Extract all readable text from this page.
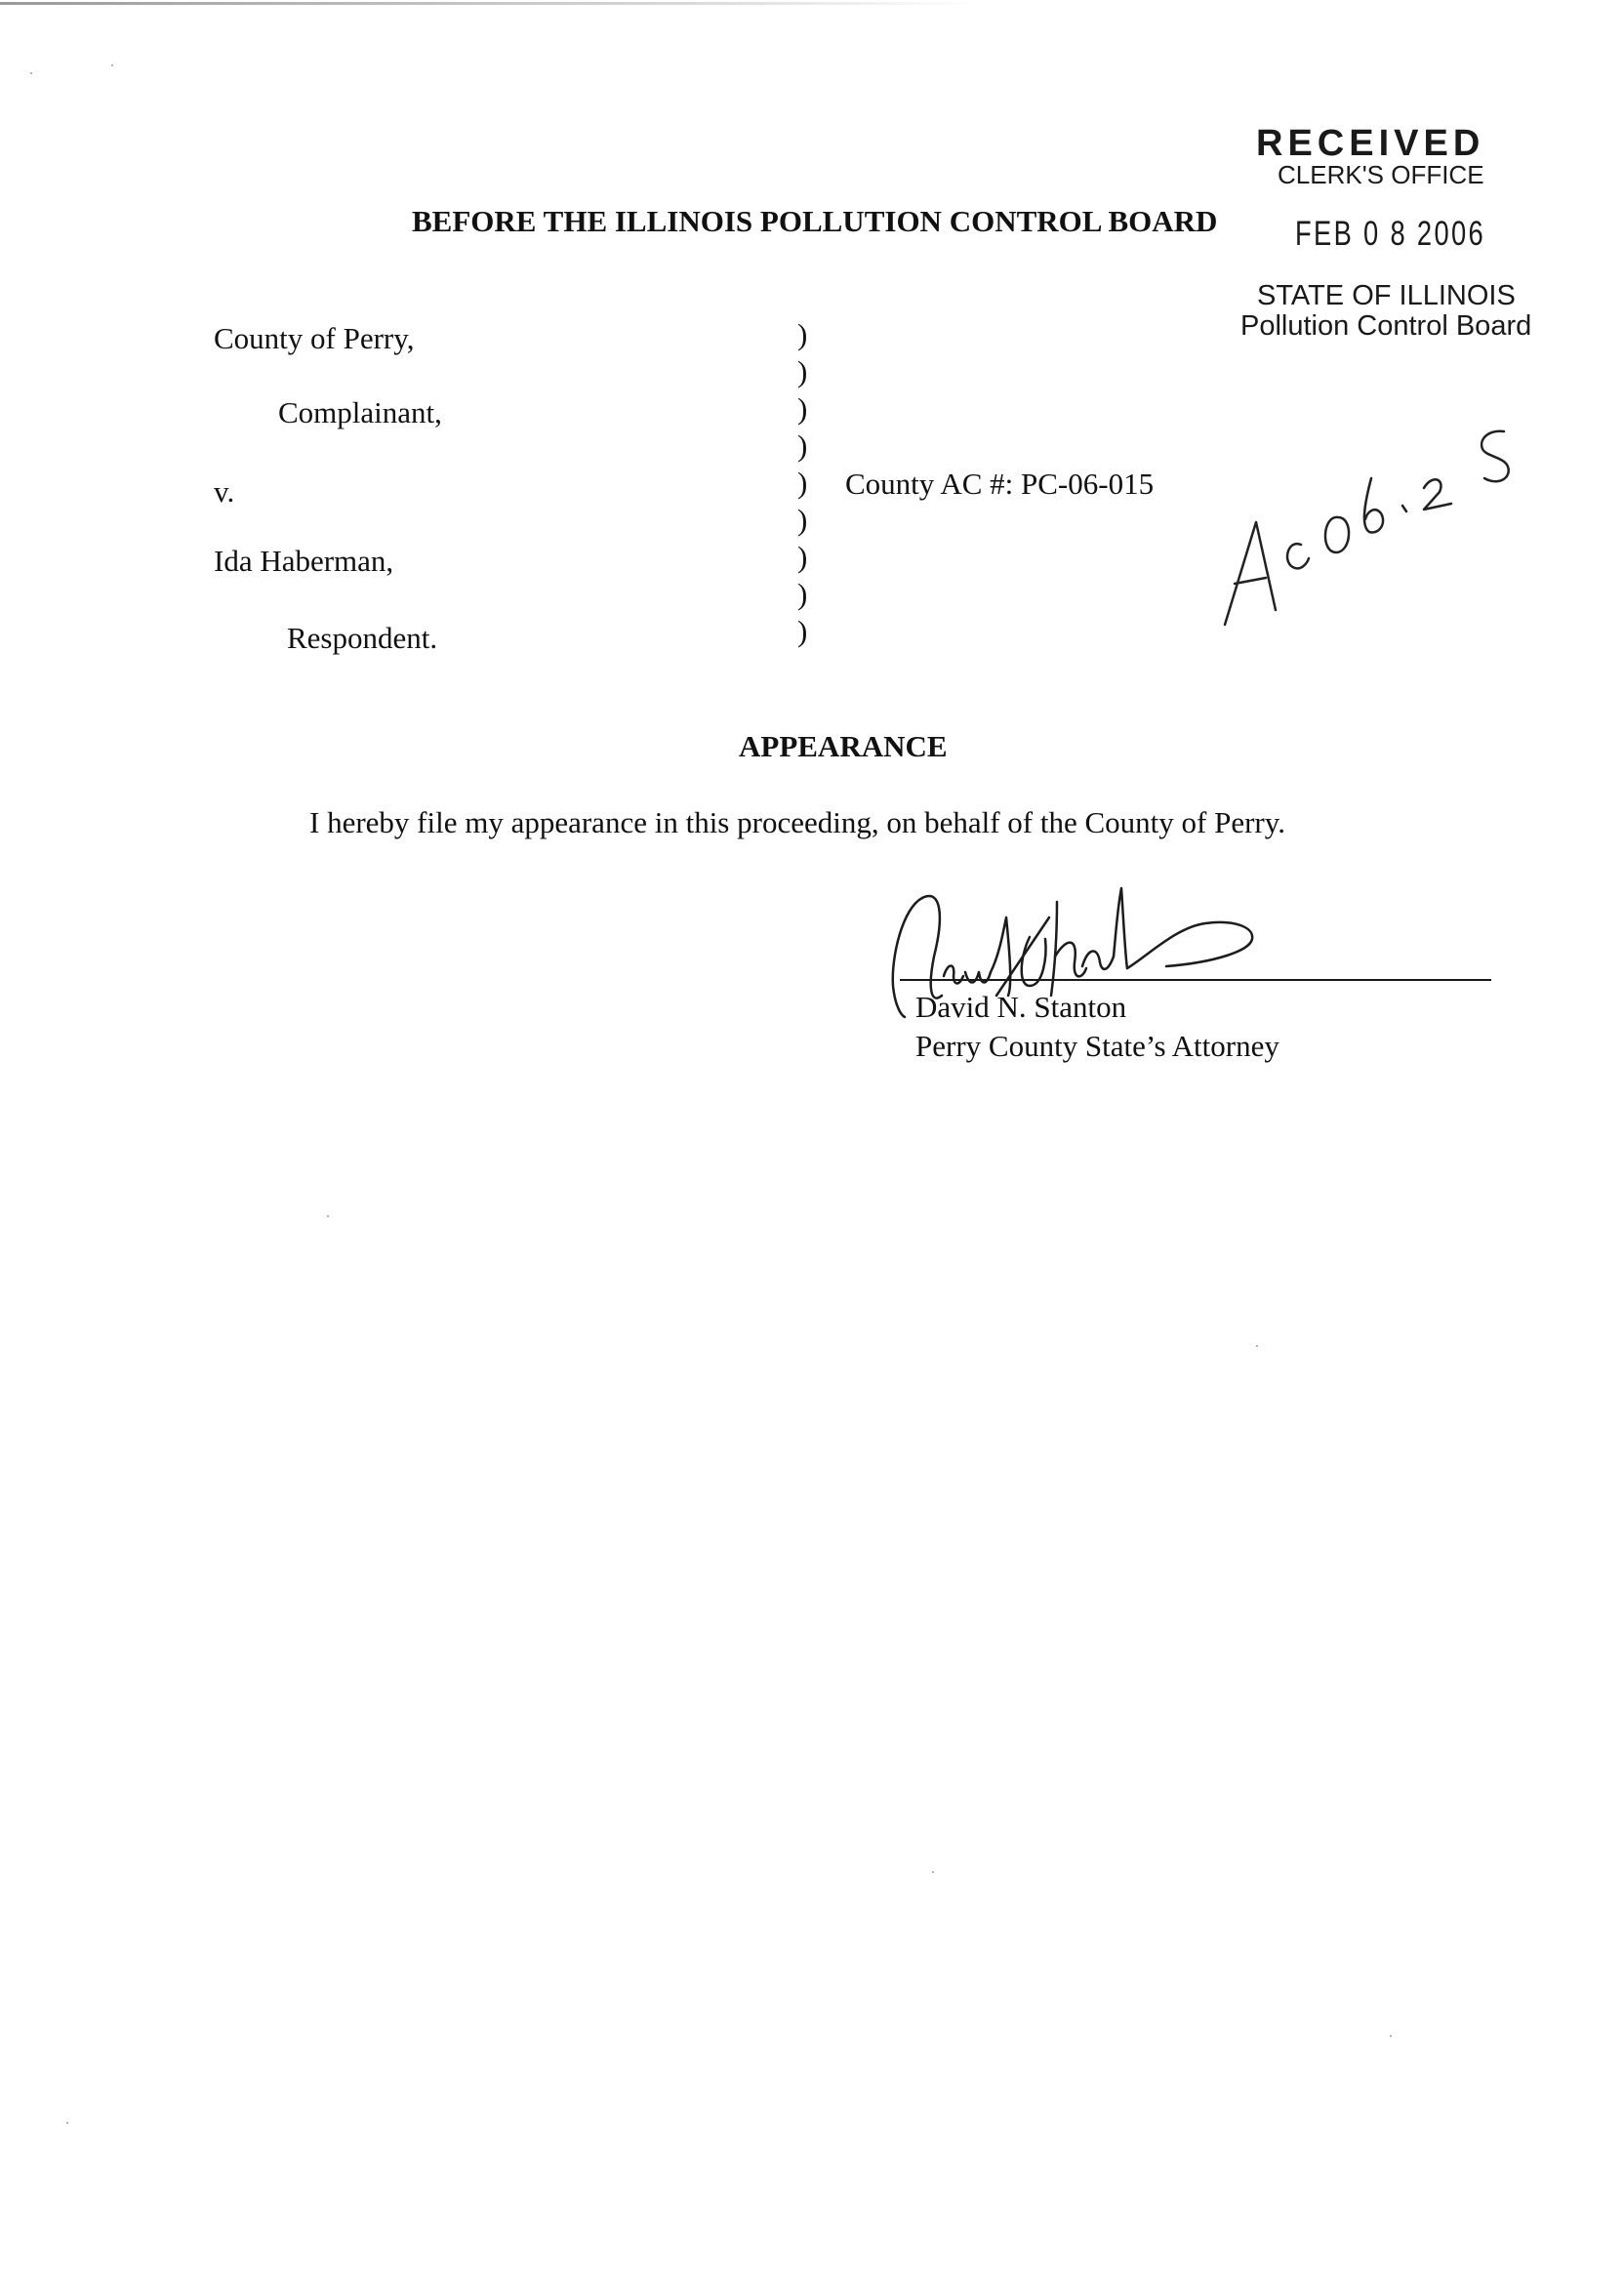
RECEIVED
CLERK'S OFFICE
FEB 0 8 2006
STATE OF ILLINOIS
Pollution Control Board
BEFORE THE ILLINOIS POLLUTION CONTROL BOARD
County of Perry,
Complainant,
v.
Ida Haberman,
Respondent.
)
)
)
)
)
)
)
)
)
County AC #: PC-06-015
APPEARANCE
I hereby file my appearance in this proceeding, on behalf of the County of Perry.
David N. Stanton
Perry County State’s Attorney
